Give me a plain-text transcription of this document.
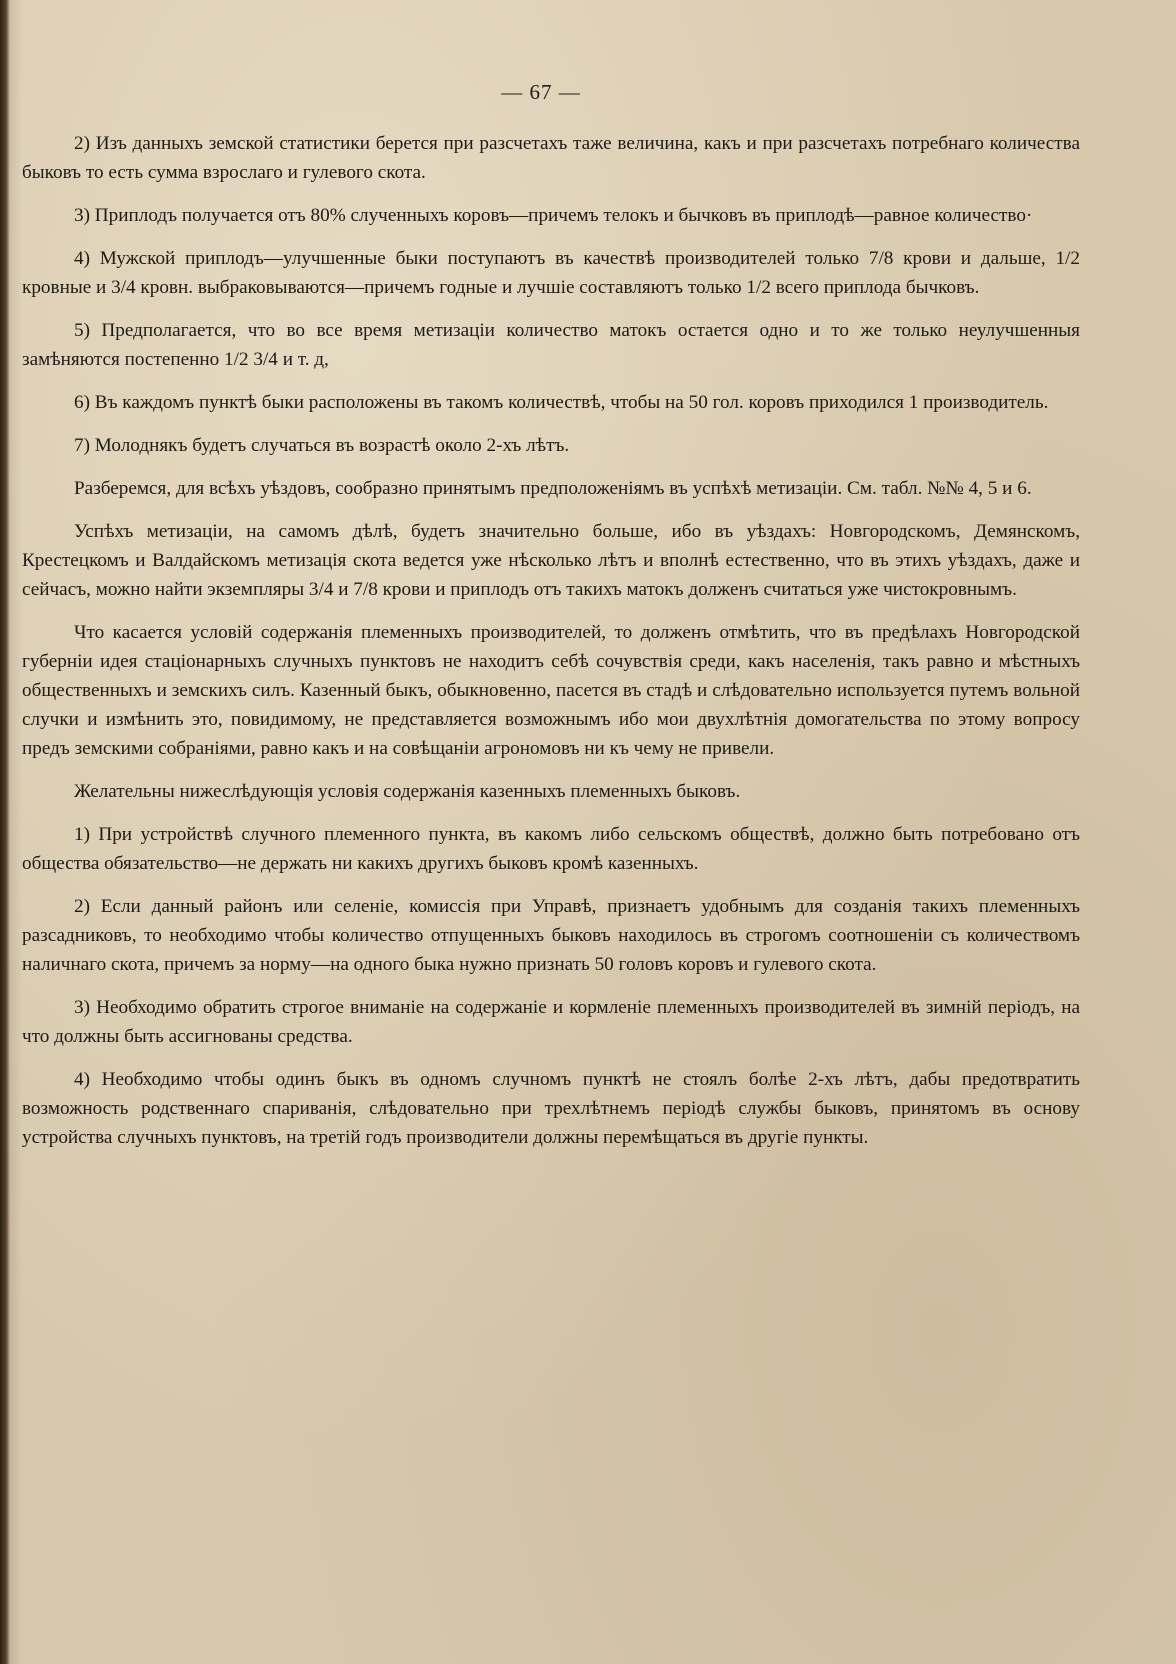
— 67 —

2) Изъ данныхъ земской статистики берется при разсчетахъ таже величина, какъ и при разсчетахъ потребнаго количества быковъ то есть сумма взрослаго и гулевого скота.

3) Приплодъ получается отъ 80% слученныхъ коровъ—причемъ телокъ и бычковъ въ приплодѣ—равное количество·

4) Мужской приплодъ—улучшенные быки поступаютъ въ качествѣ производителей только 7/8 крови и дальше, 1/2 кровные и 3/4 кровн. выбраковываются—причемъ годные и лучшiе составляютъ только 1/2 всего приплода бычковъ.

5) Предполагается, что во все время метизацiи количество матокъ остается одно и то же только неулучшенныя замѣняются постепенно 1/2 3/4 и т. д,

6) Въ каждомъ пунктѣ быки расположены въ такомъ количествѣ, чтобы на 50 гол. коровъ приходился 1 производитель.

7) Молоднякъ будетъ случаться въ возрастѣ около 2-хъ лѣтъ.

Разберемся, для всѣхъ уѣздовъ, сообразно принятымъ предположенiямъ въ успѣхѣ метизацiи. См. табл. №№ 4, 5 и 6.

Успѣхъ метизацiи, на самомъ дѣлѣ, будетъ значительно больше, ибо въ уѣздахъ: Новгородскомъ, Демянскомъ, Крестецкомъ и Валдайскомъ метизацiя скота ведется уже нѣсколько лѣтъ и вполнѣ естественно, что въ этихъ уѣздахъ, даже и сейчасъ, можно найти экземпляры 3/4 и 7/8 крови и приплодъ отъ такихъ матокъ долженъ считаться уже чистокровнымъ.

Что касается условiй содержанiя племенныхъ производителей, то долженъ отмѣтить, что въ предѣлахъ Новгородской губернiи идея стацiонарныхъ случныхъ пунктовъ не находитъ себѣ сочувствiя среди, какъ населенiя, такъ равно и мѣстныхъ общественныхъ и земскихъ силъ. Казенный быкъ, обыкновенно, пасется въ стадѣ и слѣдовательно используется путемъ вольной случки и измѣнить это, повидимому, не представляется возможнымъ ибо мои двухлѣтнiя домогательства по этому вопросу предъ земскими собранiями, равно какъ и на совѣщанiи агрономовъ ни къ чему не привели.

Желательны нижеслѣдующiя условiя содержанiя казенныхъ племенныхъ быковъ.

1) При устройствѣ случного племенного пункта, въ какомъ либо сельскомъ обществѣ, должно быть потребовано отъ общества обязательство—не держать ни какихъ другихъ быковъ кромѣ казенныхъ.

2) Если данный районъ или селенiе, комиссiя при Управѣ, признаетъ удобнымъ для созданiя такихъ племенныхъ разсадниковъ, то необходимо чтобы количество отпущенныхъ быковъ находилось въ строгомъ соотношенiи съ количествомъ наличнаго скота, причемъ за норму—на одного быка нужно признать 50 головъ коровъ и гулевого скота.

3) Необходимо обратить строгое вниманiе на содержанiе и кормленiе племенныхъ производителей въ зимнiй перiодъ, на что должны быть ассигнованы средства.

4) Необходимо чтобы одинъ быкъ въ одномъ случномъ пунктѣ не стоялъ болѣе 2-хъ лѣтъ, дабы предотвратить возможность родственнаго спариванiя, слѣдовательно при трехлѣтнемъ перiодѣ службы быковъ, принятомъ въ основу устройства случныхъ пунктовъ, на третiй годъ производители должны перемѣщаться въ другiе пункты.
